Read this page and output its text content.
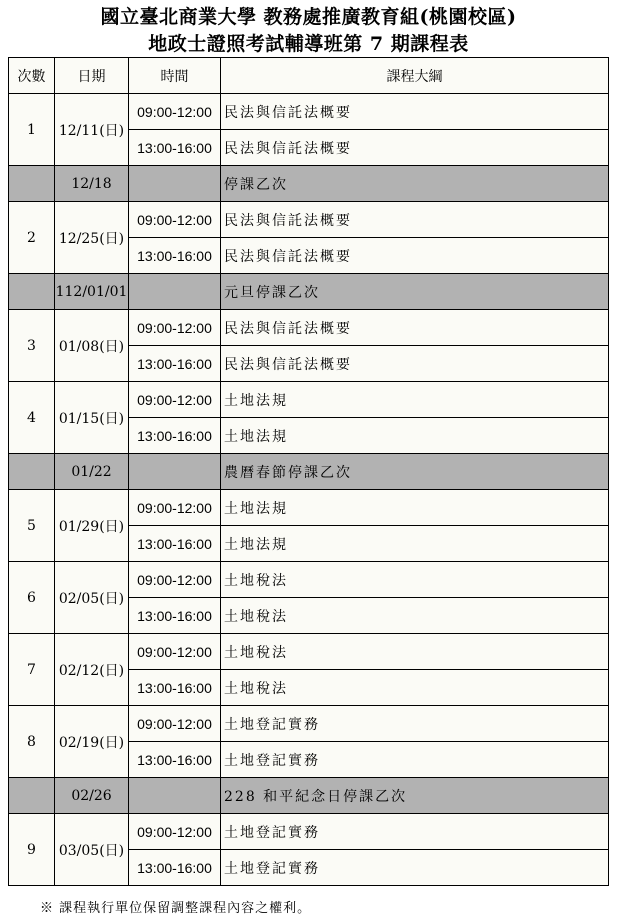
國立臺北商業大學 教務處推廣教育組(桃園校區)
地政士證照考試輔導班第 7 期課程表
次數	日期	時間	課程大綱
1	12/11(日)	09:00-12:00	民法與信託法概要
		13:00-16:00	民法與信託法概要
	12/18		停課乙次
2	12/25(日)	09:00-12:00	民法與信託法概要
		13:00-16:00	民法與信託法概要
	112/01/01		元旦停課乙次
3	01/08(日)	09:00-12:00	民法與信託法概要
		13:00-16:00	民法與信託法概要
4	01/15(日)	09:00-12:00	土地法規
		13:00-16:00	土地法規
	01/22		農曆春節停課乙次
5	01/29(日)	09:00-12:00	土地法規
		13:00-16:00	土地法規
6	02/05(日)	09:00-12:00	土地稅法
		13:00-16:00	土地稅法
7	02/12(日)	09:00-12:00	土地稅法
		13:00-16:00	土地稅法
8	02/19(日)	09:00-12:00	土地登記實務
		13:00-16:00	土地登記實務
	02/26		228 和平紀念日停課乙次
9	03/05(日)	09:00-12:00	土地登記實務
		13:00-16:00	土地登記實務
※ 課程執行單位保留調整課程內容之權利。
